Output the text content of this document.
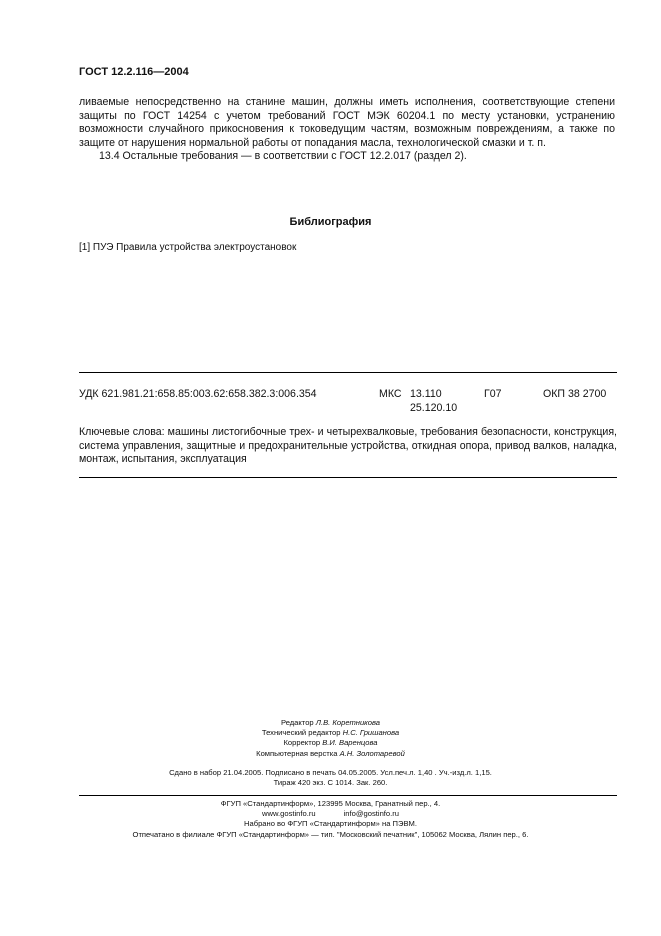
ГОСТ 12.2.116—2004
ливаемые непосредственно на станине машин, должны иметь исполнения, соответствующие степени защиты по ГОСТ 14254 с учетом требований ГОСТ МЭК 60204.1 по месту установки, устранению возможности случайного прикосновения к токоведущим частям, возможным повреждениям, а также по защите от нарушения нормальной работы от попадания масла, технологической смазки и т. п.
13.4 Остальные требования — в соответствии с ГОСТ 12.2.017 (раздел 2).
Библиография
[1] ПУЭ Правила устройства электроустановок
УДК 621.981.21:658.85:003.62:658.382.3:006.354	МКС 13.110
25.120.10
Г07	ОКП 38 2700
Ключевые слова: машины листогибочные трех- и четырехвалковые, требования безопасности, конструкция, система управления, защитные и предохранительные устройства, откидная опора, привод валков, наладка, монтаж, испытания, эксплуатация
Редактор Л.В. Коретникова
Технический редактор Н.С. Гришанова
Корректор В.И. Варенцова
Компьютерная верстка А.Н. Золотаревой
Сдано в набор 21.04.2005. Подписано в печать 04.05.2005. Усл.печ.л. 1,40 . Уч.-изд.л. 1,15.
Тираж 420 экз. С 1014. Зак. 260.
ФГУП «Стандартинформ», 123995 Москва, Гранатный пер., 4.
www.gostinfo.ru	info@gostinfo.ru
Набрано во ФГУП «Стандартинформ» на ПЭВМ.
Отпечатано в филиале ФГУП «Стандартинформ» — тип. "Московский печатник", 105062 Москва, Лялин пер., 6.
